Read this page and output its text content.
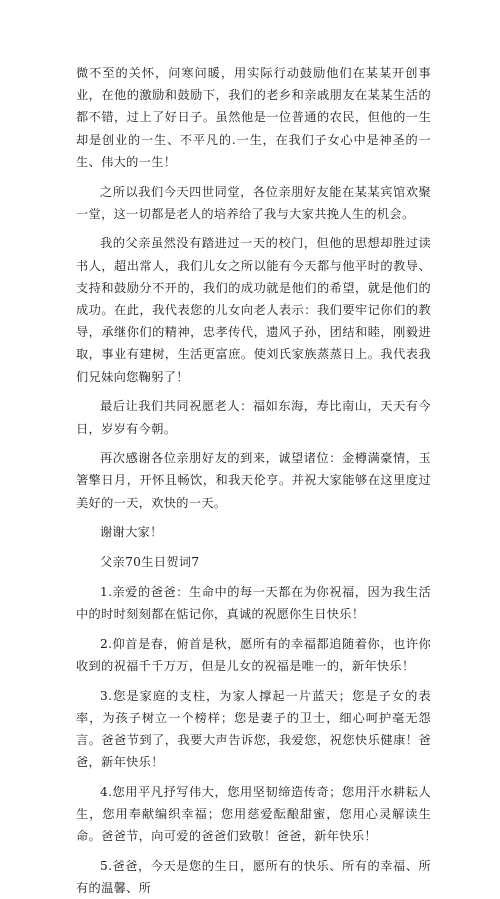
微不至的关怀，问寒问暖，用实际行动鼓励他们在某某开创事业，在他的激励和鼓励下，我们的老乡和亲戚朋友在某某生活的都不错，过上了好日子。虽然他是一位普通的农民，但他的一生却是创业的一生、不平凡的.一生，在我们子女心中是神圣的一生、伟大的一生！

之所以我们今天四世同堂，各位亲朋好友能在某某宾馆欢聚一堂，这一切都是老人的培养给了我与大家共挽人生的机会。

我的父亲虽然没有踏进过一天的校门，但他的思想却胜过读书人，超出常人，我们儿女之所以能有今天都与他平时的教导、支持和鼓励分不开的，我们的成功就是他们的希望，就是他们的成功。在此，我代表您的儿女向老人表示：我们要牢记你们的教导，承继你们的精神，忠孝传代，遗风子孙，团结和睦，刚毅进取，事业有建树，生活更富庶。使刘氏家族蒸蒸日上。我代表我们兄妹向您鞠躬了！

最后让我们共同祝愿老人：福如东海，寿比南山，天天有今日，岁岁有今朝。

再次感谢各位亲朋好友的到来，诚望诸位：金樽满豪情，玉箸擎日月，开怀且畅饮，和我天伦亨。并祝大家能够在这里度过美好的一天，欢快的一天。

谢谢大家！

父亲70生日贺词7

1.亲爱的爸爸：生命中的每一天都在为你祝福，因为我生活中的时时刻刻都在惦记你，真诚的祝愿你生日快乐！

2.仰首是春，俯首是秋，愿所有的幸福都追随着你，也许你收到的祝福千千万万，但是儿女的祝福是唯一的，新年快乐！

3.您是家庭的支柱，为家人撑起一片蓝天；您是子女的表率，为孩子树立一个榜样；您是妻子的卫士，细心呵护毫无怨言。爸爸节到了，我要大声告诉您，我爱您，祝您快乐健康！爸爸，新年快乐！

4.您用平凡抒写伟大，您用坚韧缔造传奇；您用汗水耕耘人生，您用奉献编织幸福；您用慈爱酝酿甜蜜，您用心灵解读生命。爸爸节，向可爱的爸爸们致敬！爸爸，新年快乐！

5.爸爸，今天是您的生日，愿所有的快乐、所有的幸福、所有的温馨、所
